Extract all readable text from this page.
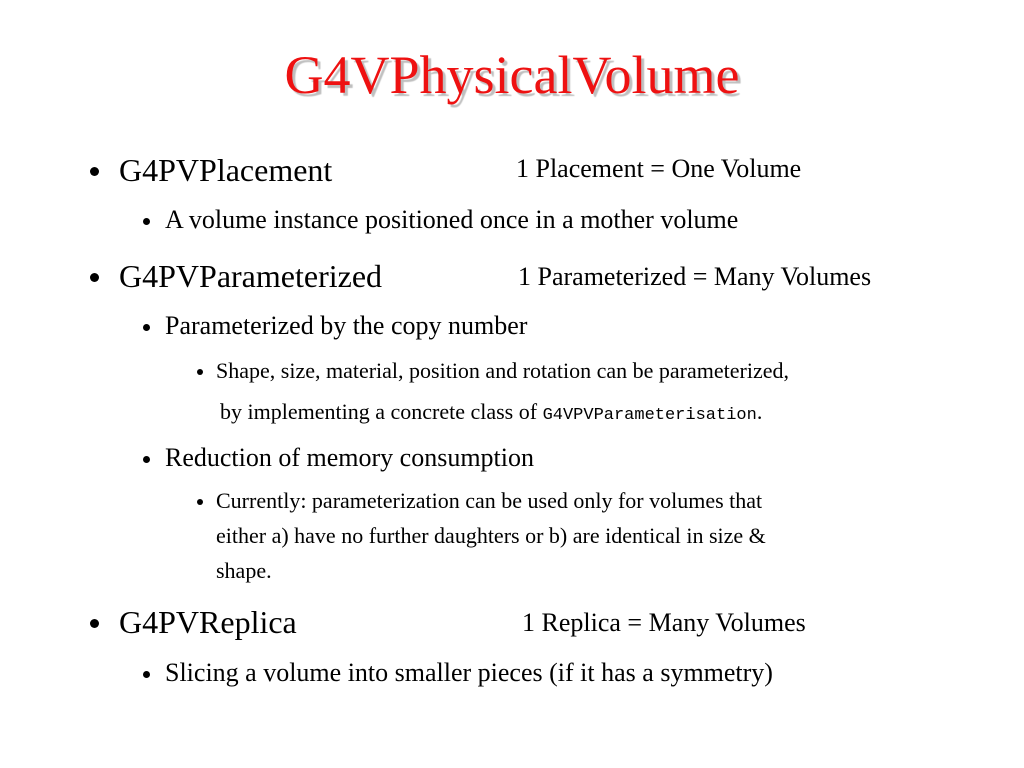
G4VPhysicalVolume
G4PVPlacement	1 Placement = One Volume
A volume instance positioned once in a mother volume
G4PVParameterized	1 Parameterized = Many Volumes
Parameterized by the copy number
Shape, size, material, position and rotation can be parameterized,
by implementing a concrete class of G4VPVParameterisation.
Reduction of memory consumption
Currently: parameterization can be used only for volumes that
either a) have no further daughters or b) are identical in size &
shape.
G4PVReplica	1 Replica = Many Volumes
Slicing a volume into smaller pieces (if it has a symmetry)
